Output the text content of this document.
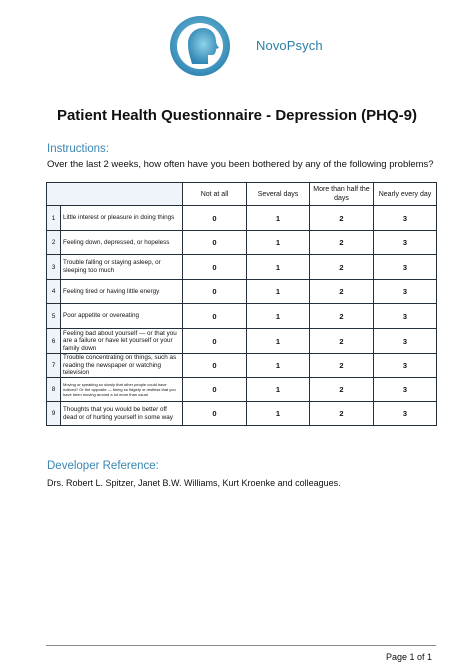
NovoPsych
Patient Health Questionnaire - Depression (PHQ-9)
Instructions:
Over the last 2 weeks, how often have you been bothered by any of the following problems?
		Not at all	Several days	More than half the days	Nearly every day
1	Little interest or pleasure in doing things	0	1	2	3
2	Feeling down, depressed, or hopeless	0	1	2	3
3	Trouble falling or staying asleep, or sleeping too much	0	1	2	3
4	Feeling tired or having little energy	0	1	2	3
5	Poor appetite or overeating	0	1	2	3
6	Feeling bad about yourself — or that you are a failure or have let yourself or your family down	0	1	2	3
7	Trouble concentrating on things, such as reading the newspaper or watching television	0	1	2	3
8	Moving or speaking so slowly that other people could have noticed? Or the opposite — being so fidgety or restless that you have been moving around a lot more than usual	0	1	2	3
9	Thoughts that you would be better off dead or of hurting yourself in some way	0	1	2	3
Developer Reference:
Drs. Robert L. Spitzer, Janet B.W. Williams, Kurt Kroenke and colleagues.
Page 1 of 1
